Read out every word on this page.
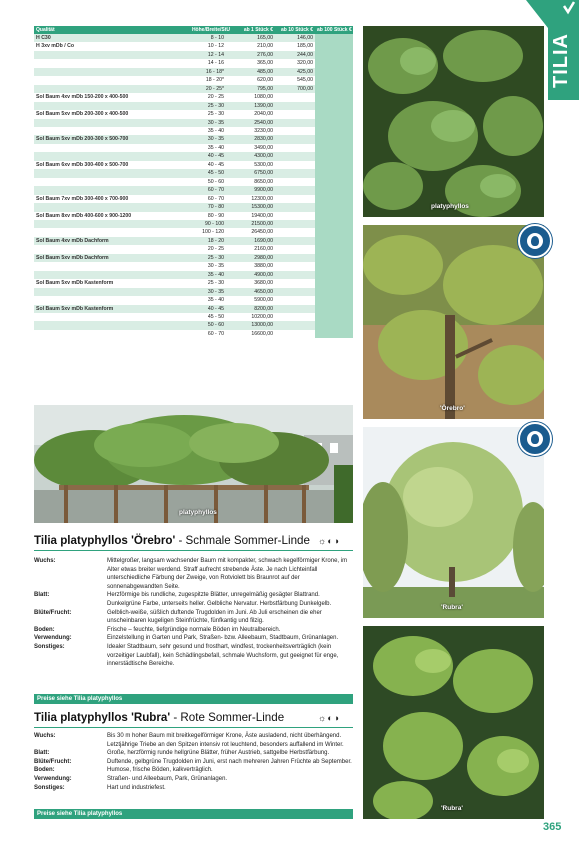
Qualität	Höhe/Breite/StU	ab 1 Stück €	ab 10 Stück €	ab 100 Stück €
H C30	8 - 10	165,00	146,00	
H 3xv mDb / Co	10 - 12	210,00	185,00	
	12 - 14	276,00	244,00	
	14 - 16	365,00	320,00	
	16 - 18*	485,00	425,00	
	18 - 20*	620,00	545,00	
	20 - 25*	795,00	700,00	
Sol Baum 4xv mDb 150-200 x 400-500	20 - 25	1080,00		
	25 - 30	1390,00		
Sol Baum 5xv mDb 200-300 x 400-500	25 - 30	2040,00		
	30 - 35	2540,00		
	35 - 40	3230,00		
Sol Baum 5xv mDb 200-300 x 500-700	30 - 35	2830,00		
	35 - 40	3490,00		
	40 - 45	4300,00		
Sol Baum 6xv mDb 300-400 x 500-700	40 - 45	5300,00		
	45 - 50	6750,00		
	50 - 60	8650,00		
	60 - 70	9900,00		
Sol Baum 7xv mDb 300-400 x 700-900	60 - 70	12300,00		
	70 - 80	15300,00		
Sol Baum 8xv mDb 400-600 x 900-1200	80 - 90	19400,00		
	90 - 100	21500,00		
	100 - 120	26450,00		
Sol Baum 4xv mDb Dachform	18 - 20	1690,00		
	20 - 25	2160,00		
Sol Baum 5xv mDb Dachform	25 - 30	2980,00		
	30 - 35	3880,00		
	35 - 40	4900,00		
Sol Baum 5xv mDb Kastenform	25 - 30	3680,00		
	30 - 35	4650,00		
	35 - 40	5900,00		
Sol Baum 5xv mDb Kastenform	40 - 45	8200,00		
	45 - 50	10200,00		
	50 - 60	13000,00		
	60 - 70	16600,00		
platyphyllos
platyphyllos
'Örebro'
'Rubra'
'Rubra'
TILIA
Tilia platyphyllos 'Örebro' - Schmale Sommer-Linde ☼◐◑
Wuchs:	Mittelgroßer, langsam wachsender Baum mit kompakter, schwach kegelförmiger Krone, im Alter etwas breiter werdend. Straff aufrecht strebende Äste. Je nach Lichteinfall unterschiedliche Färbung der Zweige, von Rotviolett bis Braunrot auf der sonnenabgewandten Seite.
Blatt:	Herzförmige bis rundliche, zugespitzte Blätter, unregelmäßig gesägter Blattrand. Dunkelgrüne Farbe, unterseits heller. Gelbliche Nervatur. Herbstfärbung Dunkelgelb.
Blüte/Frucht:	Gelblich-weiße, süßlich duftende Trugdolden im Juni. Ab Juli erscheinen die eher unscheinbaren kugeligen Steinfrüchte, fünfkantig und filzig.
Boden:	Frische – feuchte, tiefgründige normale Böden im Neutralbereich.
Verwendung:	Einzelstellung in Garten und Park, Straßen- bzw. Alleebaum, Stadtbaum, Grünanlagen.
Sonstiges:	Idealer Stadtbaum, sehr gesund und frosthart, windfest, trockenheitsverträglich (kein vorzeitiger Laubfall), kein Schädlingsbefall, schmale Wuchsform, gut geeignet für enge, innerstädtische Bereiche.
Preise siehe Tilia platyphyllos
Tilia platyphyllos 'Rubra' - Rote Sommer-Linde	☼◐◑
Wuchs:	Bis 30 m hoher Baum mit breitkegelförmiger Krone, Äste ausladend, nicht überhängend. Letztjährige Triebe an den Spitzen intensiv rot leuchtend, besonders auffallend im Winter.
Blatt:	Große, herzförmig runde hellgrüne Blätter, früher Austrieb, sattgelbe Herbstfärbung.
Blüte/Frucht:	Duftende, gelbgrüne Trugdolden im Juni, erst nach mehreren Jahren Früchte ab September.
Boden:	Humose, frische Böden, kalkverträglich.
Verwendung:	Straßen- und Alleebaum, Park, Grünanlagen.
Sonstiges:	Hart und industriefest.
Preise siehe Tilia platyphyllos
365
